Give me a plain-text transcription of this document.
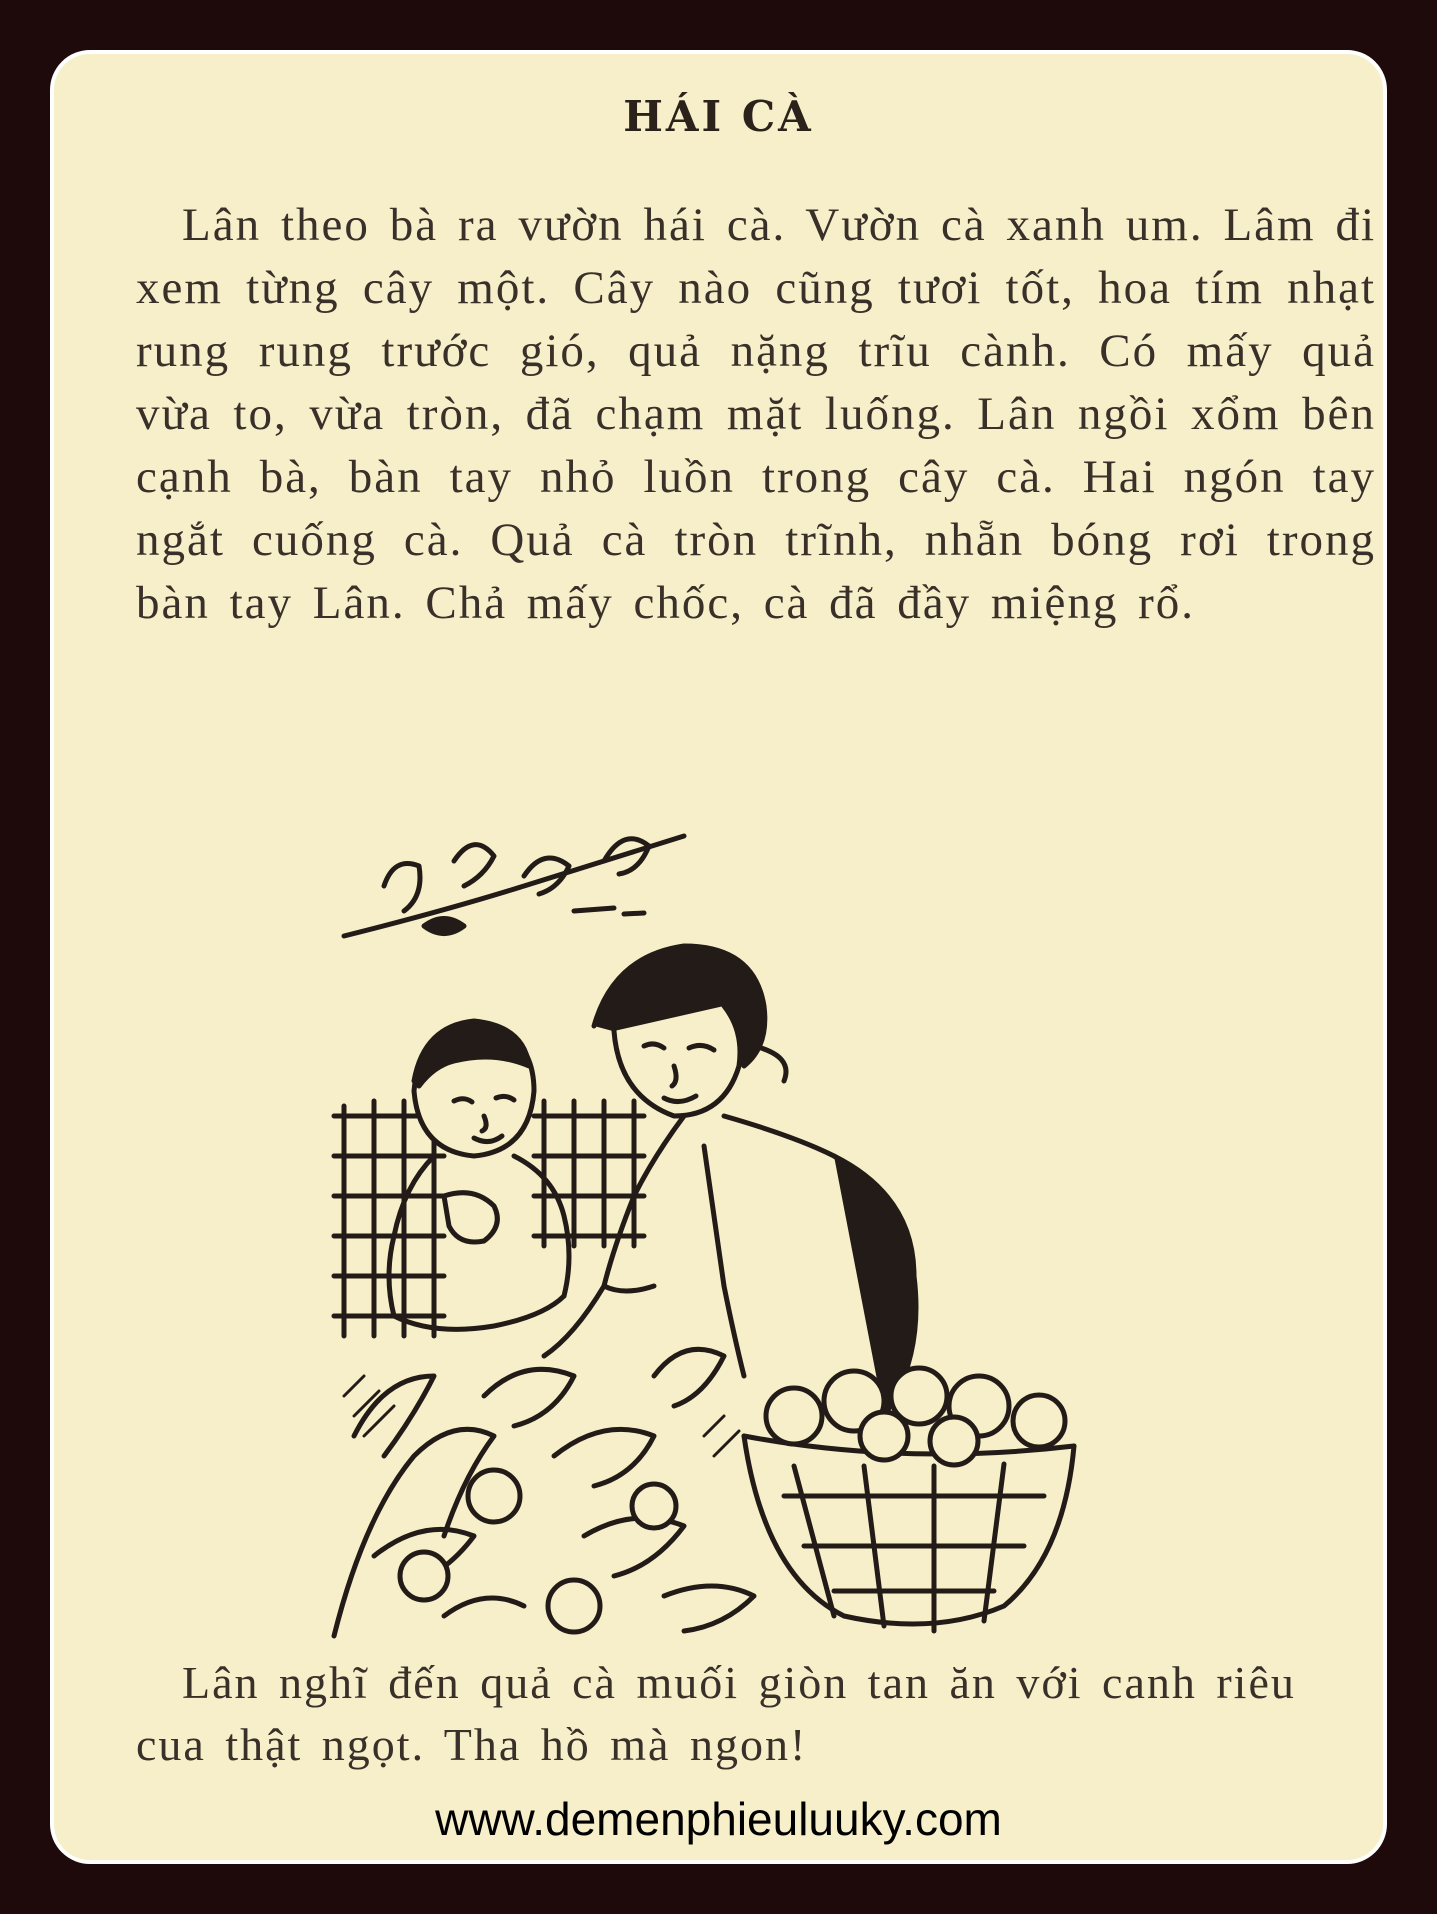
HÁI CÀ

Lân theo bà ra vườn hái cà. Vườn cà xanh um. Lâm đi xem từng cây một. Cây nào cũng tươi tốt, hoa tím nhạt rung rung trước gió, quả nặng trĩu cành. Có mấy quả vừa to, vừa tròn, đã chạm mặt luống. Lân ngồi xổm bên cạnh bà, bàn tay nhỏ luồn trong cây cà. Hai ngón tay ngắt cuống cà. Quả cà tròn trĩnh, nhẵn bóng rơi trong bàn tay Lân. Chả mấy chốc, cà đã đầy miệng rổ.

Lân nghĩ đến quả cà muối giòn tan ăn với canh riêu cua thật ngọt. Tha hồ mà ngon!

www.demenphieuluuky.com
